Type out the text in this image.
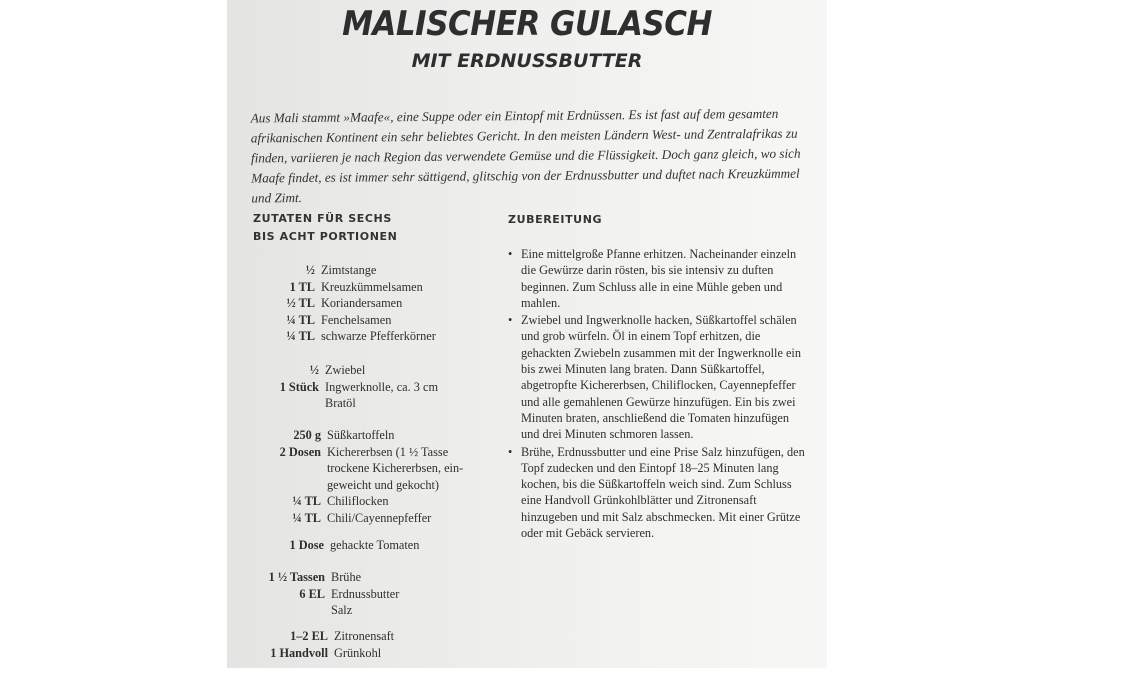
MALISCHER GULASCH
MIT ERDNUSSBUTTER
Aus Mali stammt »Maafe«, eine Suppe oder ein Eintopf mit Erdnüssen. Es ist fast auf dem gesamten afrikanischen Kontinent ein sehr beliebtes Gericht. In den meisten Ländern West- und Zentralafrikas zu finden, variieren je nach Region das verwendete Gemüse und die Flüssigkeit. Doch ganz gleich, wo sich Maafe findet, es ist immer sehr sättigend, glitschig von der Erdnussbutter und duftet nach Kreuzkümmel und Zimt.
ZUTATEN FÜR SECHS
BIS ACHT PORTIONEN
ZUBEREITUNG
½ Zimtstange
1 TL Kreuzkümmelsamen
½ TL Koriandersamen
¼ TL Fenchelsamen
¼ TL schwarze Pfefferkörner
½ Zwiebel
1 Stück Ingwerknolle, ca. 3 cm
Bratöl
250 g Süßkartoffeln
2 Dosen Kichererbsen (1 ½ Tasse
trockene Kichererbsen, ein-
geweicht und gekocht)
¼ TL Chiliflocken
¼ TL Chili/Cayennepfeffer
1 Dose gehackte Tomaten
1 ½ Tassen Brühe
6 EL Erdnussbutter
Salz
1–2 EL Zitronensaft
1 Handvoll Grünkohl
• Eine mittelgroße Pfanne erhitzen. Nacheinander einzeln die Gewürze darin rösten, bis sie intensiv zu duften beginnen. Zum Schluss alle in eine Mühle geben und mahlen.
• Zwiebel und Ingwerknolle hacken, Süßkartoffel schälen und grob würfeln. Öl in einem Topf erhitzen, die gehackten Zwiebeln zusammen mit der Ingwerknolle ein bis zwei Minuten lang braten. Dann Süßkartoffel, abgetropfte Kichererbsen, Chiliflocken, Cayennepfeffer und alle gemahlenen Gewürze hinzufügen. Ein bis zwei Minuten braten, anschließend die Tomaten hinzufügen und drei Minuten schmoren lassen.
• Brühe, Erdnussbutter und eine Prise Salz hinzufügen, den Topf zudecken und den Eintopf 18–25 Minuten lang kochen, bis die Süßkartoffeln weich sind. Zum Schluss eine Handvoll Grünkohlblätter und Zitronensaft hinzugeben und mit Salz abschmecken. Mit einer Grütze oder mit Gebäck servieren.
